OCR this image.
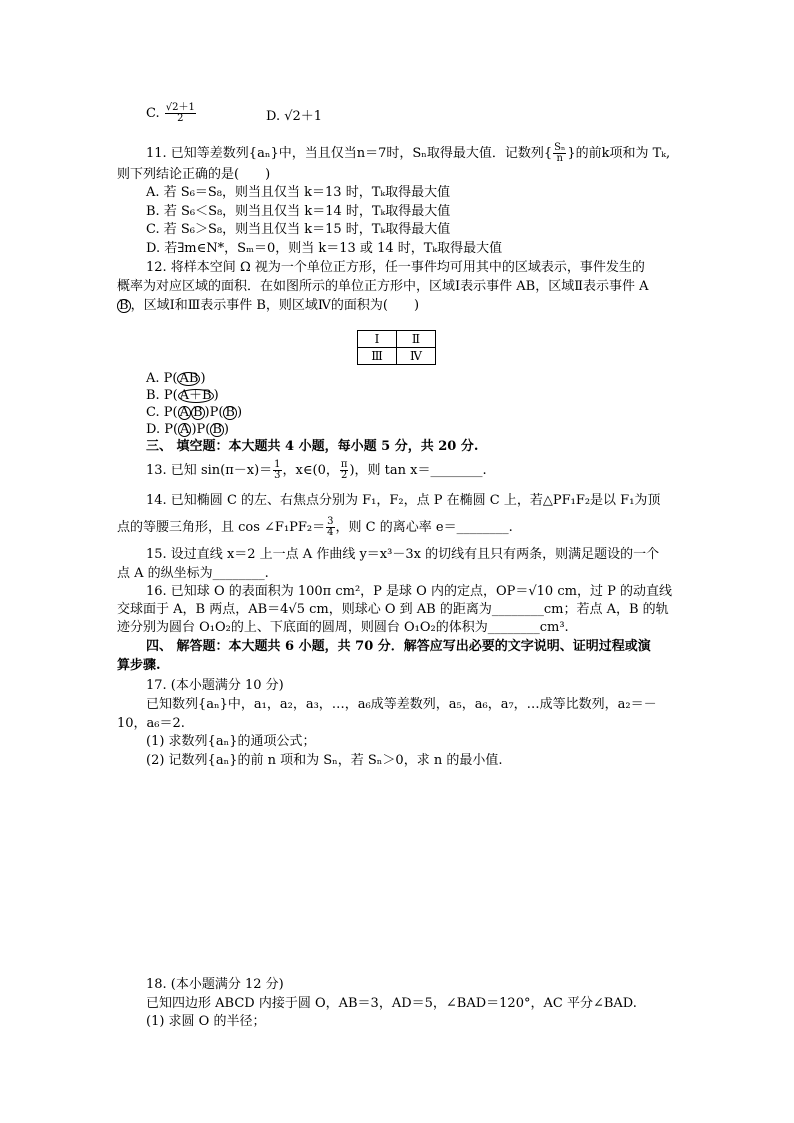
C. $\frac{√2+1}{2}$	D. √2＋1
11. 已知等差数列{aₙ}中，当且仅当n＝7时，Sₙ取得最大值．记数列{ $\frac{\text{Sₙ}}{n}$ }的前k项和为 Tₖ,
则下列结论正确的是(　　)
A. 若 S₆＝S₈，则当且仅当 k＝13 时，Tₖ取得最大值
B. 若 S₆＜S₈，则当且仅当 k＝14 时，Tₖ取得最大值
C. 若 S₆＞S₈，则当且仅当 k＝15 时，Tₖ取得最大值
D. 若∃m∈N*，Sₘ＝0，则当 k＝13 或 14 时，Tₖ取得最大值
12. 将样本空间 Ω 视为一个单位正方形，任一事件均可用其中的区域表示，事件发生的
概率为对应区域的面积．在如图所示的单位正方形中，区域Ⅰ表示事件 AB，区域Ⅱ表示事件 A
B ，区域Ⅰ和Ⅲ表示事件 B，则区域Ⅳ的面积为(　　)
Ⅰ	Ⅱ
Ⅲ	Ⅳ
A. P( AB )
B. P( A＋B )
C. P( A B )P( B )
D. P( A )P( B )
三、 填空题：本大题共 4 小题，每小题 5 分，共 20 分.
13. 已知 $\sin(\pi-x)= \frac{1}{3}$ ，x∈(0， $\frac{\pi}{2}$ )，则 tan x＝________.
14. 已知椭圆 C 的左、右焦点分别为 F₁，F₂，点 P 在椭圆 C 上，若△PF₁F₂是以 F₁为顶
点的等腰三角形，且 cos ∠F₁PF₂＝ $\frac{3}{4}$ ，则 C 的离心率 e＝________.
15. 设过直线 x＝2 上一点 A 作曲线 y＝x³－3x 的切线有且只有两条，则满足题设的一个
点 A 的纵坐标为________.
16. 已知球 O 的表面积为 100π cm²，P 是球 O 内的定点，OP＝√10 cm，过 P 的动直线
交球面于 A，B 两点，AB＝4√5 cm，则球心 O 到 AB 的距离为________cm；若点 A，B 的轨
迹分别为圆台 O₁O₂的上、下底面的圆周，则圆台 O₁O₂的体积为________cm³.
四、 解答题：本大题共 6 小题，共 70 分．解答应写出必要的文字说明、证明过程或演
算步骤.
17. (本小题满分 10 分)
已知数列{aₙ}中，a₁，a₂，a₃，…，a₆成等差数列，a₅，a₆，a₇，…成等比数列，a₂＝－
10，a₆＝2.
(1) 求数列{aₙ}的通项公式；
(2) 记数列{aₙ}的前 n 项和为 Sₙ，若 Sₙ＞0，求 n 的最小值.
18. (本小题满分 12 分)
已知四边形 ABCD 内接于圆 O，AB＝3，AD＝5，∠BAD＝120°，AC 平分∠BAD.
(1) 求圆 O 的半径；
